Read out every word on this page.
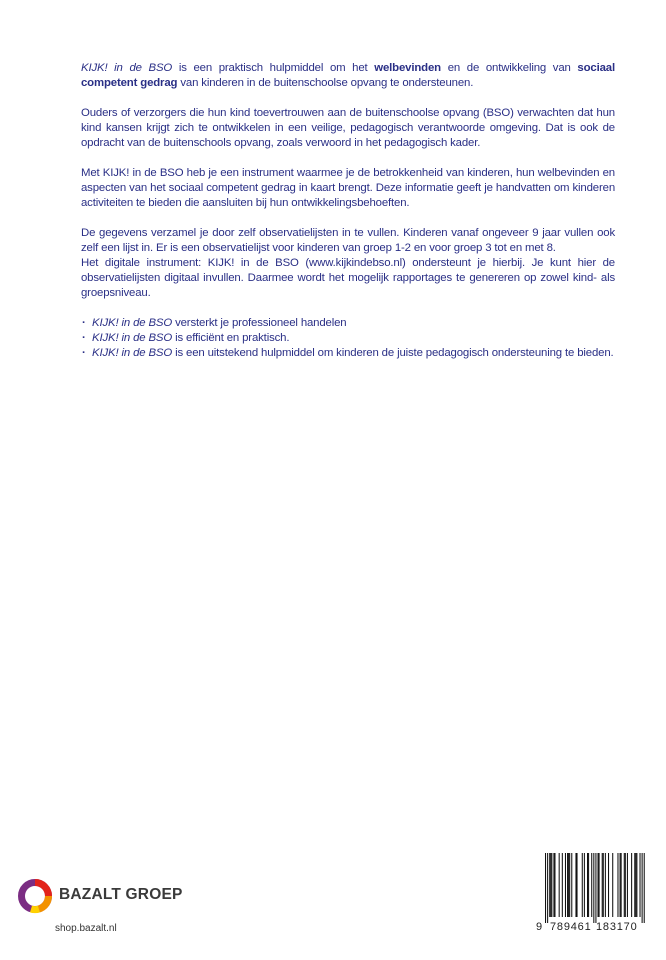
KIJK! in de BSO is een praktisch hulpmiddel om het welbevinden en de ontwikkeling van sociaal competent gedrag van kinderen in de buitenschoolse opvang te ondersteunen.

Ouders of verzorgers die hun kind toevertrouwen aan de buitenschoolse opvang (BSO) verwachten dat hun kind kansen krijgt zich te ontwikkelen in een veilige, pedagogisch verantwoorde omgeving. Dat is ook de opdracht van de buitenschools opvang, zoals verwoord in het pedagogisch kader.

Met KIJK! in de BSO heb je een instrument waarmee je de betrokkenheid van kinderen, hun welbevinden en aspecten van het sociaal competent gedrag in kaart brengt. Deze informatie geeft je handvatten om kinderen activiteiten te bieden die aansluiten bij hun ontwikkelingsbehoeften.

De gegevens verzamel je door zelf observatielijsten in te vullen. Kinderen vanaf ongeveer 9 jaar vullen ook zelf een lijst in. Er is een observatielijst voor kinderen van groep 1-2 en voor groep 3 tot en met 8.

Het digitale instrument: KIJK! in de BSO (www.kijkindebso.nl) ondersteunt je hierbij. Je kunt hier de observatielijsten digitaal invullen. Daarmee wordt het mogelijk rapportages te genereren op zowel kind- als groepsniveau.

· KIJK! in de BSO versterkt je professioneel handelen
· KIJK! in de BSO is efficiënt en praktisch.
· KIJK! in de BSO is een uitstekend hulpmiddel om kinderen de juiste pedagogisch ondersteuning te bieden.
BAZALT GROEP
shop.bazalt.nl	9 789461 183170
